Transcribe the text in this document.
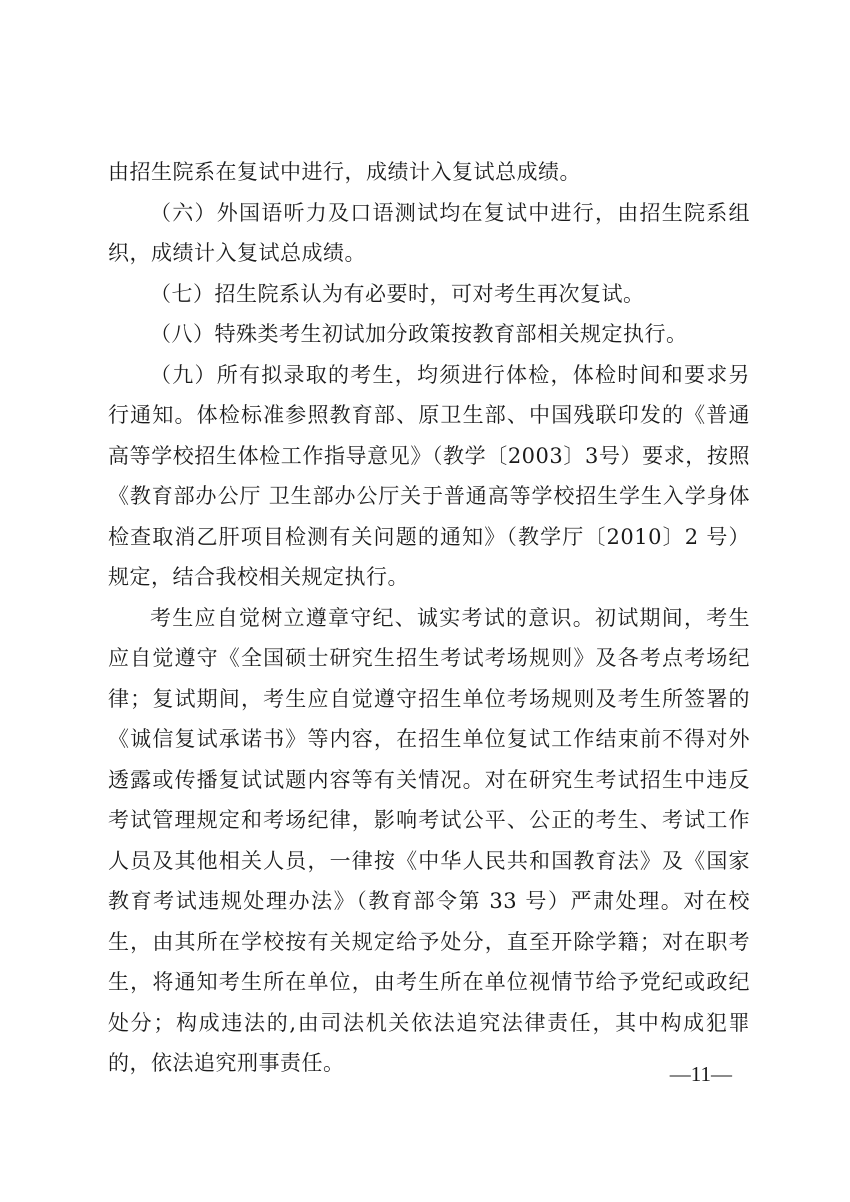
由招生院系在复试中进行，成绩计入复试总成绩。

（六）外国语听力及口语测试均在复试中进行，由招生院系组织，成绩计入复试总成绩。

（七）招生院系认为有必要时，可对考生再次复试。

（八）特殊类考生初试加分政策按教育部相关规定执行。

（九）所有拟录取的考生，均须进行体检，体检时间和要求另行通知。体检标准参照教育部、原卫生部、中国残联印发的《普通高等学校招生体检工作指导意见》（教学〔2003〕3号）要求，按照《教育部办公厅 卫生部办公厅关于普通高等学校招生学生入学身体检查取消乙肝项目检测有关问题的通知》（教学厅〔2010〕2 号）规定，结合我校相关规定执行。

考生应自觉树立遵章守纪、诚实考试的意识。初试期间，考生应自觉遵守《全国硕士研究生招生考试考场规则》及各考点考场纪律；复试期间，考生应自觉遵守招生单位考场规则及考生所签署的《诚信复试承诺书》等内容，在招生单位复试工作结束前不得对外透露或传播复试试题内容等有关情况。对在研究生考试招生中违反考试管理规定和考场纪律，影响考试公平、公正的考生、考试工作人员及其他相关人员，一律按《中华人民共和国教育法》及《国家教育考试违规处理办法》（教育部令第 33 号）严肃处理。对在校生，由其所在学校按有关规定给予处分，直至开除学籍；对在职考生，将通知考生所在单位，由考生所在单位视情节给予党纪或政纪处分；构成违法的,由司法机关依法追究法律责任，其中构成犯罪的，依法追究刑事责任。	—11—
